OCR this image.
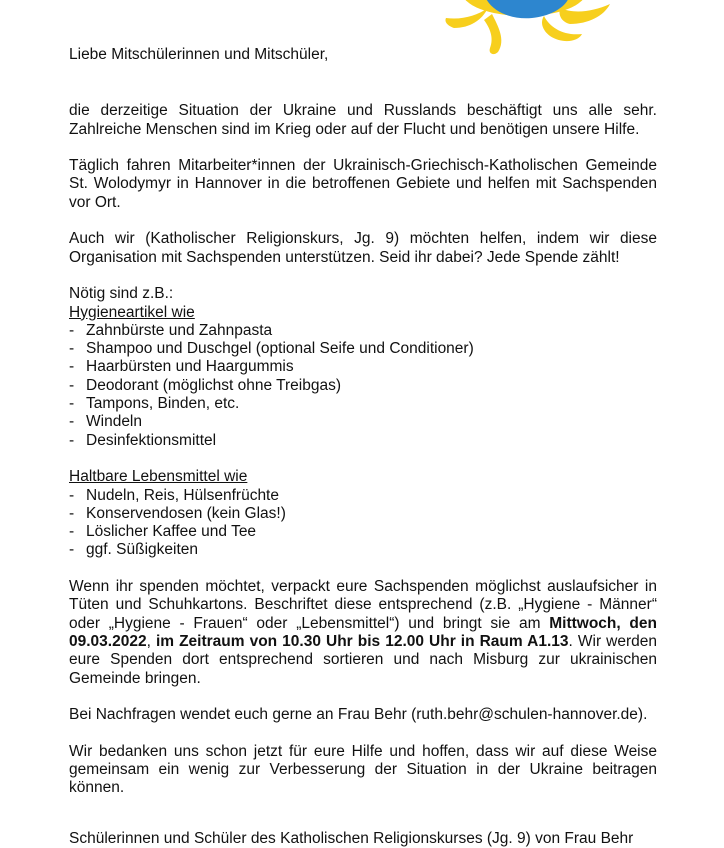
Liebe Mitschülerinnen und Mitschüler,

die derzeitige Situation der Ukraine und Russlands beschäftigt uns alle sehr. Zahlreiche Menschen sind im Krieg oder auf der Flucht und benötigen unsere Hilfe.

Täglich fahren Mitarbeiter*innen der Ukrainisch-Griechisch-Katholischen Gemeinde St. Wolodymyr in Hannover in die betroffenen Gebiete und helfen mit Sachspenden vor Ort.

Auch wir (Katholischer Religionskurs, Jg. 9) möchten helfen, indem wir diese Organisation mit Sachspenden unterstützen. Seid ihr dabei? Jede Spende zählt!

Nötig sind z.B.:

Hygieneartikel wie

- Zahnbürste und Zahnpasta
- Shampoo und Duschgel (optional Seife und Conditioner)
- Haarbürsten und Haargummis
- Deodorant (möglichst ohne Treibgas)
- Tampons, Binden, etc.
- Windeln
- Desinfektionsmittel

Haltbare Lebensmittel wie

- Nudeln, Reis, Hülsenfrüchte
- Konservendosen (kein Glas!)
- Löslicher Kaffee und Tee
- ggf. Süßigkeiten

Wenn ihr spenden möchtet, verpackt eure Sachspenden möglichst auslaufsicher in Tüten und Schuhkartons. Beschriftet diese entsprechend (z.B. „Hygiene - Männer“ oder „Hygiene - Frauen“ oder „Lebensmittel“) und bringt sie am Mittwoch, den 09.03.2022, im Zeitraum von 10.30 Uhr bis 12.00 Uhr in Raum A1.13. Wir werden eure Spenden dort entsprechend sortieren und nach Misburg zur ukrainischen Gemeinde bringen.

Bei Nachfragen wendet euch gerne an Frau Behr (ruth.behr@schulen-hannover.de).

Wir bedanken uns schon jetzt für eure Hilfe und hoffen, dass wir auf diese Weise gemeinsam ein wenig zur Verbesserung der Situation in der Ukraine beitragen können.

Schülerinnen und Schüler des Katholischen Religionskurses (Jg. 9) von Frau Behr
